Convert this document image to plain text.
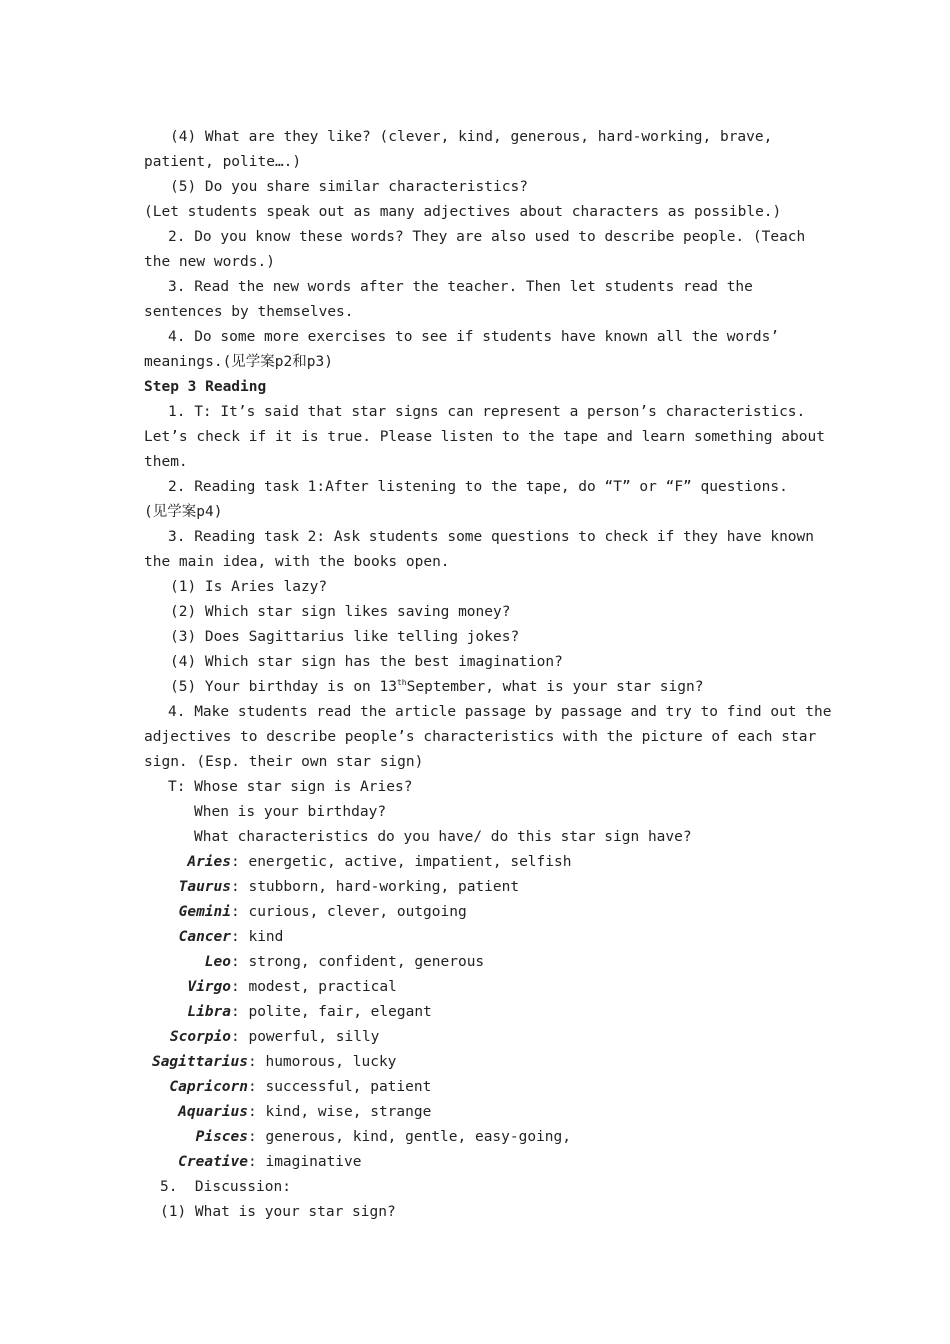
(4) What are they like? (clever, kind, generous, hard-working, brave,
patient, polite….)
(5) Do you share similar characteristics?
(Let students speak out as many adjectives about characters as possible.)
2. Do you know these words? They are also used to describe people. (Teach
the new words.)
3. Read the new words after the teacher. Then let students read the
sentences by themselves.
4. Do some more exercises to see if students have known all the words’
meanings.(见学案p2和p3)
Step 3 Reading
1. T: It’s said that star signs can represent a person’s characteristics.
Let’s check if it is true. Please listen to the tape and learn something about
them.
2. Reading task 1:After listening to the tape, do “T” or “F” questions.
(见学案p4)
3. Reading task 2: Ask students some questions to check if they have known
the main idea, with the books open.
(1) Is Aries lazy?
(2) Which star sign likes saving money?
(3) Does Sagittarius like telling jokes?
(4) Which star sign has the best imagination?
(5) Your birthday is on 13thSeptember, what is your star sign?
4. Make students read the article passage by passage and try to find out the
adjectives to describe people’s characteristics with the picture of each star
sign. (Esp. their own star sign)
T: Whose star sign is Aries?
When is your birthday?
What characteristics do you have/ do this star sign have?
Aries: energetic, active, impatient, selfish
Taurus: stubborn, hard-working, patient
Gemini: curious, clever, outgoing
Cancer: kind
Leo: strong, confident, generous
Virgo: modest, practical
Libra: polite, fair, elegant
Scorpio: powerful, silly
Sagittarius: humorous, lucky
Capricorn: successful, patient
Aquarius: kind, wise, strange
Pisces: generous, kind, gentle, easy-going,
Creative: imaginative
5.  Discussion:
(1) What is your star sign?
